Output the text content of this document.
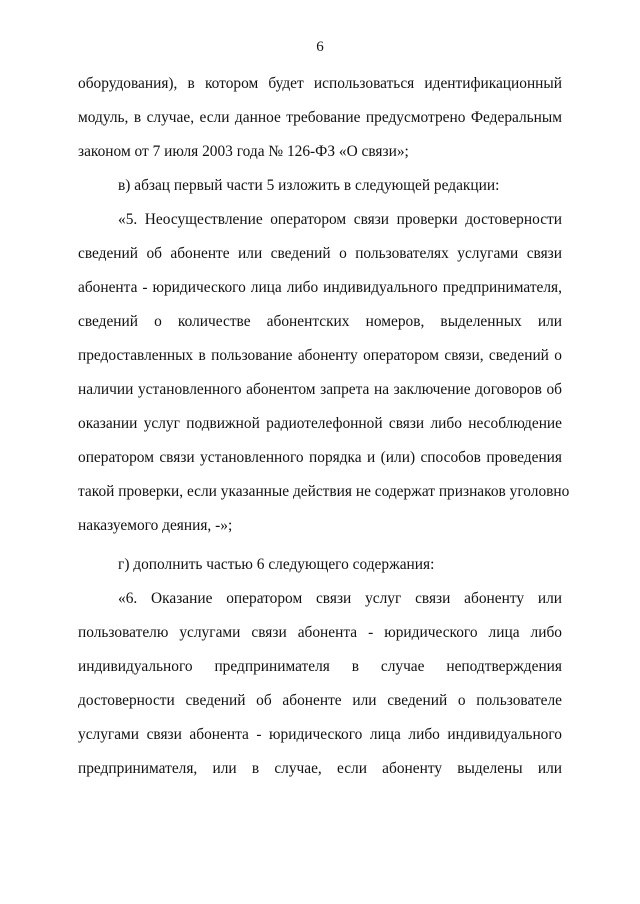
6
оборудования), в котором будет использоваться идентификационный
модуль, в случае, если данное требование предусмотрено Федеральным
законом от 7 июля 2003 года № 126-ФЗ «О связи»;
в) абзац первый части 5 изложить в следующей редакции:
«5. Неосуществление оператором связи проверки достоверности
сведений об абоненте или сведений о пользователях услугами связи
абонента - юридического лица либо индивидуального предпринимателя,
сведений о количестве абонентских номеров, выделенных или
предоставленных в пользование абоненту оператором связи, сведений о
наличии установленного абонентом запрета на заключение договоров об
оказании услуг подвижной радиотелефонной связи либо несоблюдение
оператором связи установленного порядка и (или) способов проведения
такой проверки, если указанные действия не содержат признаков уголовно
наказуемого деяния, -»;
г) дополнить частью 6 следующего содержания:
«6. Оказание оператором связи услуг связи абоненту или
пользователю услугами связи абонента - юридического лица либо
индивидуального предпринимателя в случае неподтверждения
достоверности сведений об абоненте или сведений о пользователе
услугами связи абонента - юридического лица либо индивидуального
предпринимателя, или в случае, если абоненту выделены или
